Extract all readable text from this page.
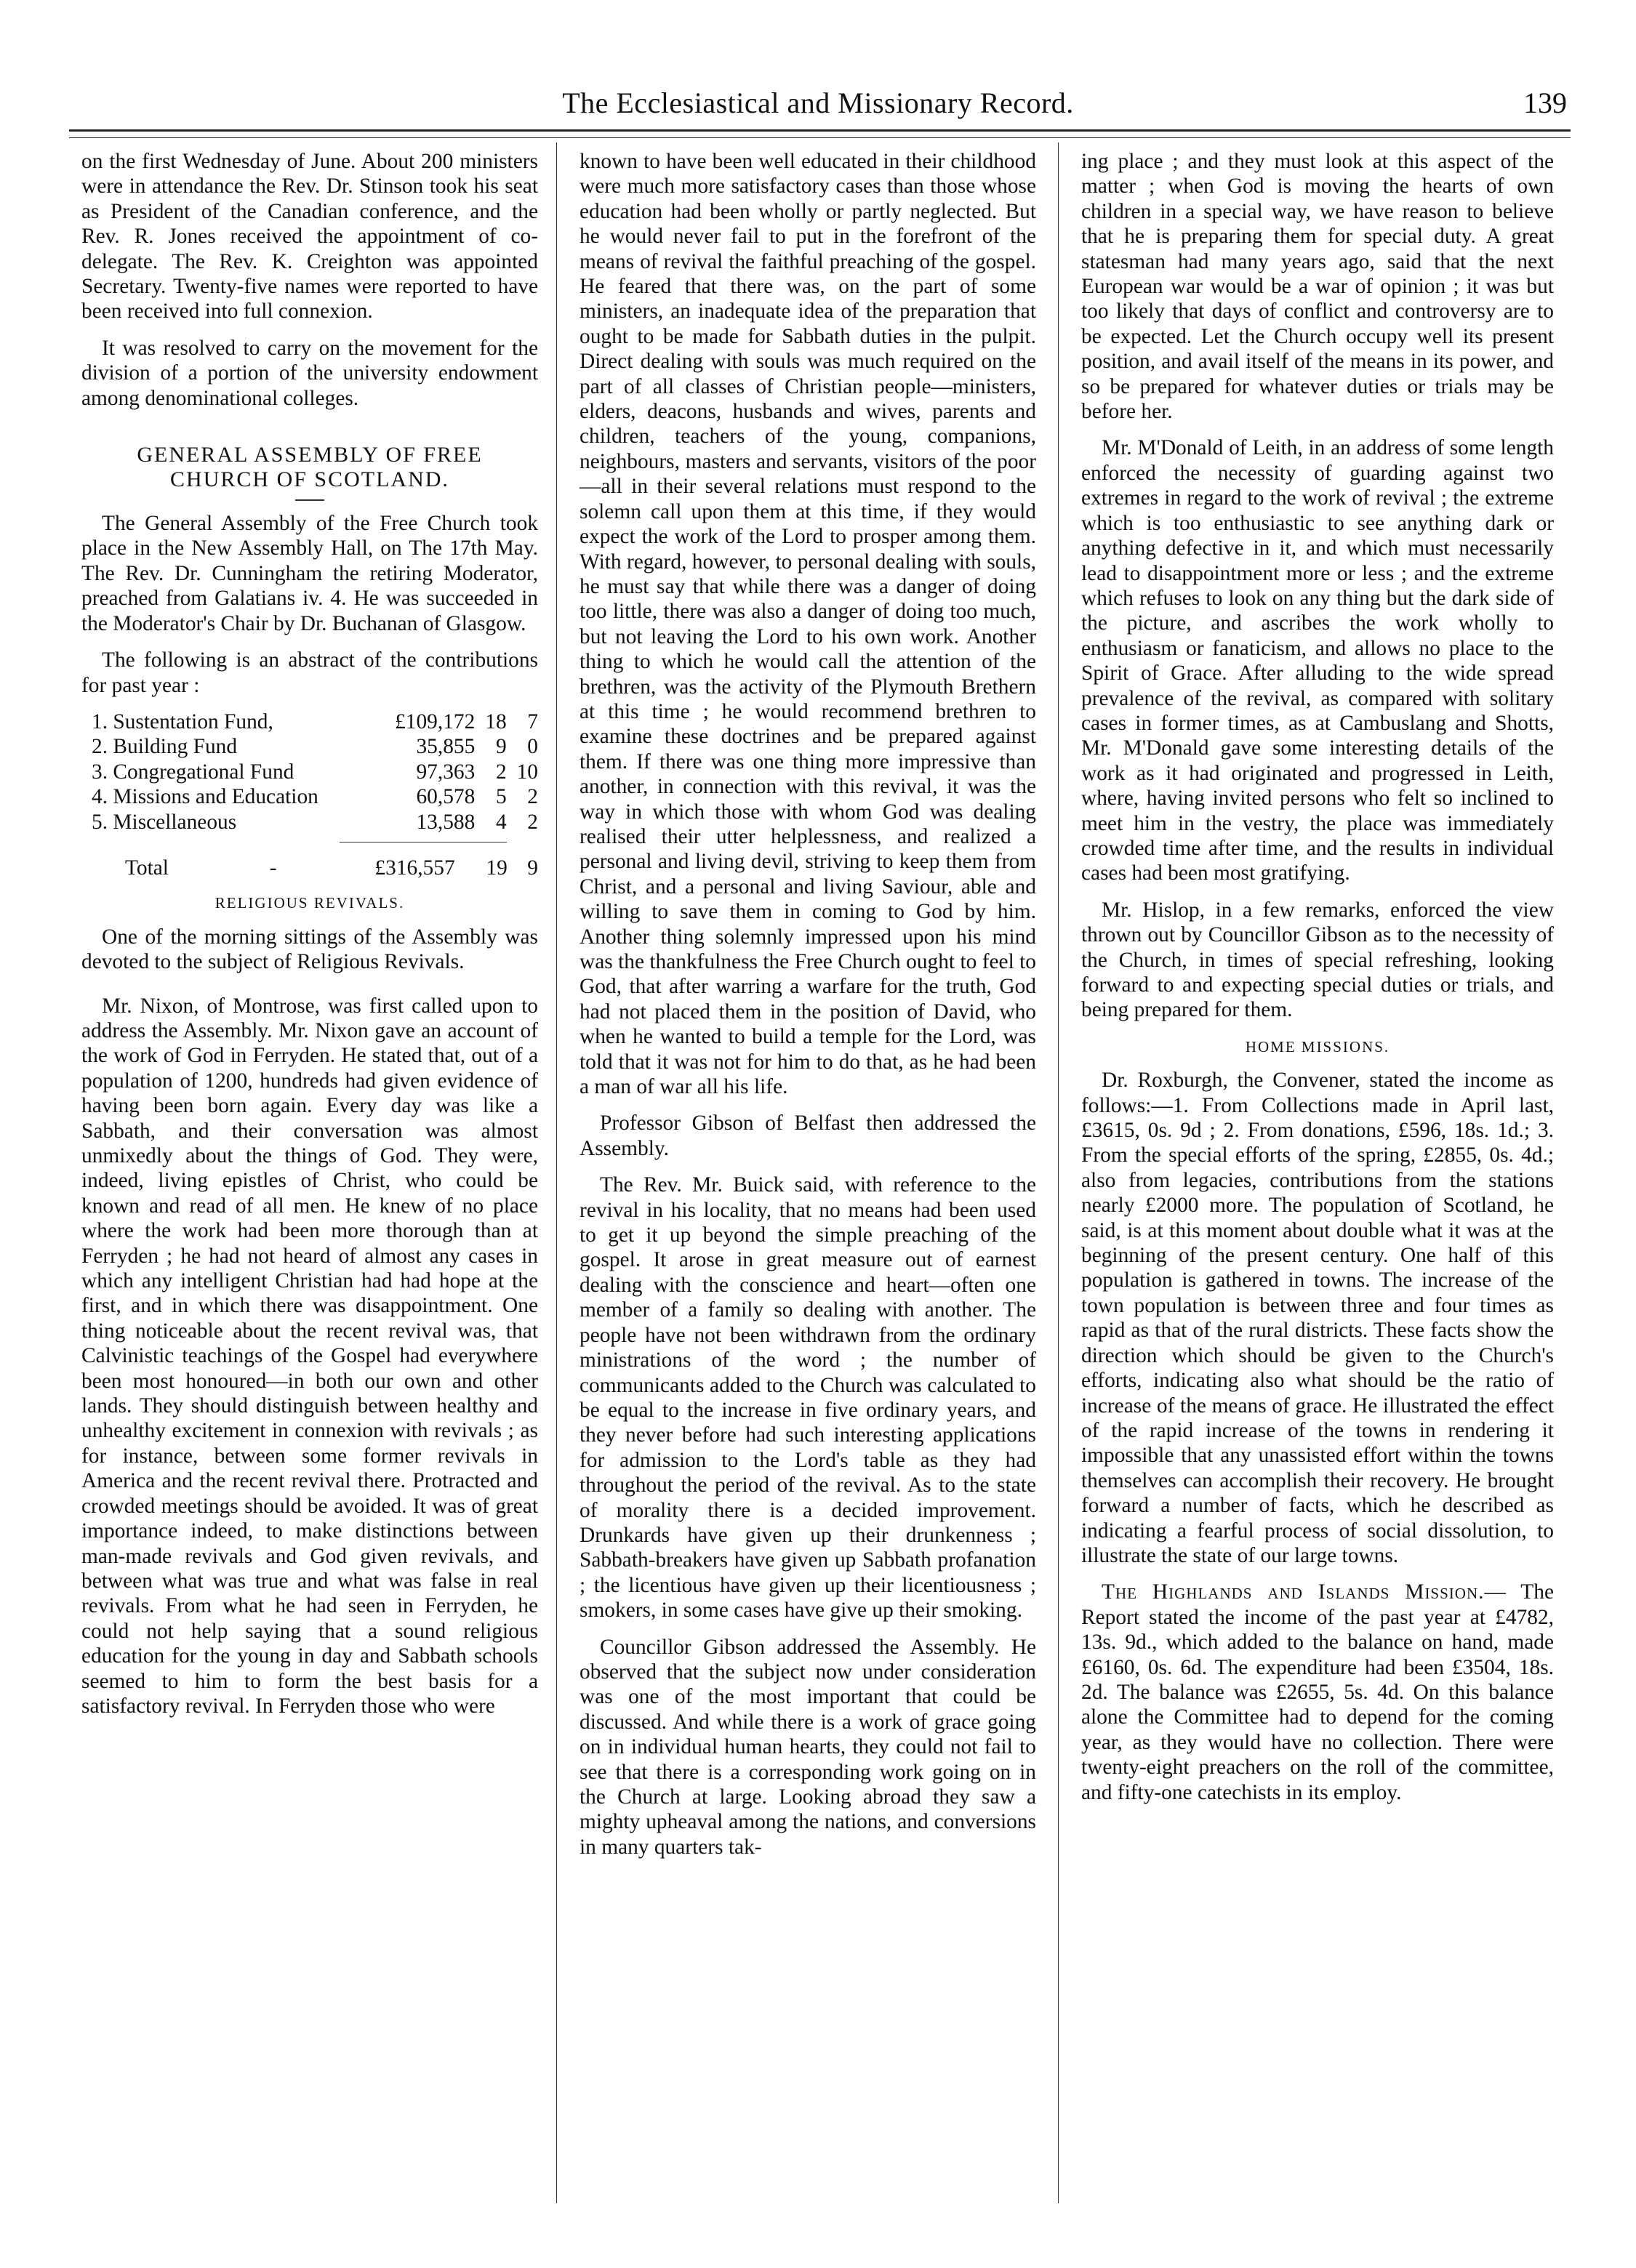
The Ecclesiastical and Missionary Record.	139

on the first Wednesday of June. About 200 ministers were in attendance the Rev. Dr. Stinson took his seat as President of the Canadian conference, and the Rev. R. Jones received the appointment of co-delegate. The Rev. K. Creighton was appointed Secretary. Twenty-five names were reported to have been received into full connexion.

It was resolved to carry on the movement for the division of a portion of the university endowment among denominational colleges.

GENERAL ASSEMBLY OF FREE
CHURCH OF SCOTLAND.

The General Assembly of the Free Church took place in the New Assembly Hall, on The 17th May. The Rev. Dr. Cunningham the retiring Moderator, preached from Galatians iv. 4. He was succeeded in the Moderator's Chair by Dr. Buchanan of Glasgow.

The following is an abstract of the contributions for past year :

1. Sustentation Fund,	£109,172	18	7
2. Building Fund	35,855	9	0
3. Congregational Fund	97,363	2	10
4. Missions and Education	60,578	5	2
5. Miscellaneous	13,588	4	2
Total	-	£316,557	19	9
RELIGIOUS REVIVALS.

One of the morning sittings of the Assembly was devoted to the subject of Religious Revivals.

Mr. Nixon, of Montrose, was first called upon to address the Assembly. Mr. Nixon gave an account of the work of God in Ferryden. He stated that, out of a population of 1200, hundreds had given evidence of having been born again. Every day was like a Sabbath, and their conversation was almost unmixedly about the things of God. They were, indeed, living epistles of Christ, who could be known and read of all men. He knew of no place where the work had been more thorough than at Ferryden ; he had not heard of almost any cases in which any intelligent Christian had had hope at the first, and in which there was disappointment. One thing noticeable about the recent revival was, that Calvinistic teachings of the Gospel had everywhere been most honoured—in both our own and other lands. They should distinguish between healthy and unhealthy excitement in connexion with revivals ; as for instance, between some former revivals in America and the recent revival there. Protracted and crowded meetings should be avoided. It was of great importance indeed, to make distinctions between man-made revivals and God given revivals, and between what was true and what was false in real revivals. From what he had seen in Ferryden, he could not help saying that a sound religious education for the young in day and Sabbath schools seemed to him to form the best basis for a satisfactory revival. In Ferryden those who were

known to have been well educated in their childhood were much more satisfactory cases than those whose education had been wholly or partly neglected. But he would never fail to put in the forefront of the means of revival the faithful preaching of the gospel. He feared that there was, on the part of some ministers, an inadequate idea of the preparation that ought to be made for Sabbath duties in the pulpit. Direct dealing with souls was much required on the part of all classes of Christian people—ministers, elders, deacons, husbands and wives, parents and children, teachers of the young, companions, neighbours, masters and servants, visitors of the poor—all in their several relations must respond to the solemn call upon them at this time, if they would expect the work of the Lord to prosper among them. With regard, however, to personal dealing with souls, he must say that while there was a danger of doing too little, there was also a danger of doing too much, but not leaving the Lord to his own work. Another thing to which he would call the attention of the brethren, was the activity of the Plymouth Brethern at this time ; he would recommend brethren to examine these doctrines and be prepared against them. If there was one thing more impressive than another, in connection with this revival, it was the way in which those with whom God was dealing realised their utter helplessness, and realized a personal and living devil, striving to keep them from Christ, and a personal and living Saviour, able and willing to save them in coming to God by him. Another thing solemnly impressed upon his mind was the thankfulness the Free Church ought to feel to God, that after warring a warfare for the truth, God had not placed them in the position of David, who when he wanted to build a temple for the Lord, was told that it was not for him to do that, as he had been a man of war all his life.

Professor Gibson of Belfast then addressed the Assembly.

The Rev. Mr. Buick said, with reference to the revival in his locality, that no means had been used to get it up beyond the simple preaching of the gospel. It arose in great measure out of earnest dealing with the conscience and heart—often one member of a family so dealing with another. The people have not been withdrawn from the ordinary ministrations of the word ; the number of communicants added to the Church was calculated to be equal to the increase in five ordinary years, and they never before had such interesting applications for admission to the Lord's table as they had throughout the period of the revival. As to the state of morality there is a decided improvement. Drunkards have given up their drunkenness ; Sabbath-breakers have given up Sabbath profanation ; the licentious have given up their licentiousness ; smokers, in some cases have give up their smoking.

Councillor Gibson addressed the Assembly. He observed that the subject now under consideration was one of the most important that could be discussed. And while there is a work of grace going on in individual human hearts, they could not fail to see that there is a corresponding work going on in the Church at large. Looking abroad they saw a mighty upheaval among the nations, and conversions in many quarters tak-

ing place ; and they must look at this aspect of the matter ; when God is moving the hearts of own children in a special way, we have reason to believe that he is preparing them for special duty. A great statesman had many years ago, said that the next European war would be a war of opinion ; it was but too likely that days of conflict and controversy are to be expected. Let the Church occupy well its present position, and avail itself of the means in its power, and so be prepared for whatever duties or trials may be before her.

Mr. M'Donald of Leith, in an address of some length enforced the necessity of guarding against two extremes in regard to the work of revival ; the extreme which is too enthusiastic to see anything dark or anything defective in it, and which must necessarily lead to disappointment more or less ; and the extreme which refuses to look on any thing but the dark side of the picture, and ascribes the work wholly to enthusiasm or fanaticism, and allows no place to the Spirit of Grace. After alluding to the wide spread prevalence of the revival, as compared with solitary cases in former times, as at Cambuslang and Shotts, Mr. M'Donald gave some interesting details of the work as it had originated and progressed in Leith, where, having invited persons who felt so inclined to meet him in the vestry, the place was immediately crowded time after time, and the results in individual cases had been most gratifying.

Mr. Hislop, in a few remarks, enforced the view thrown out by Councillor Gibson as to the necessity of the Church, in times of special refreshing, looking forward to and expecting special duties or trials, and being prepared for them.

HOME MISSIONS.

Dr. Roxburgh, the Convener, stated the income as follows:—1. From Collections made in April last, £3615, 0s. 9d ; 2. From donations, £596, 18s. 1d.; 3. From the special efforts of the spring, £2855, 0s. 4d.; also from legacies, contributions from the stations nearly £2000 more. The population of Scotland, he said, is at this moment about double what it was at the beginning of the present century. One half of this population is gathered in towns. The increase of the town population is between three and four times as rapid as that of the rural districts. These facts show the direction which should be given to the Church's efforts, indicating also what should be the ratio of increase of the means of grace. He illustrated the effect of the rapid increase of the towns in rendering it impossible that any unassisted effort within the towns themselves can accomplish their recovery. He brought forward a number of facts, which he described as indicating a fearful process of social dissolution, to illustrate the state of our large towns.

The Highlands and Islands Mission.— The Report stated the income of the past year at £4782, 13s. 9d., which added to the balance on hand, made £6160, 0s. 6d. The expenditure had been £3504, 18s. 2d. The balance was £2655, 5s. 4d. On this balance alone the Committee had to depend for the coming year, as they would have no collection. There were twenty-eight preachers on the roll of the committee, and fifty-one catechists in its employ.
